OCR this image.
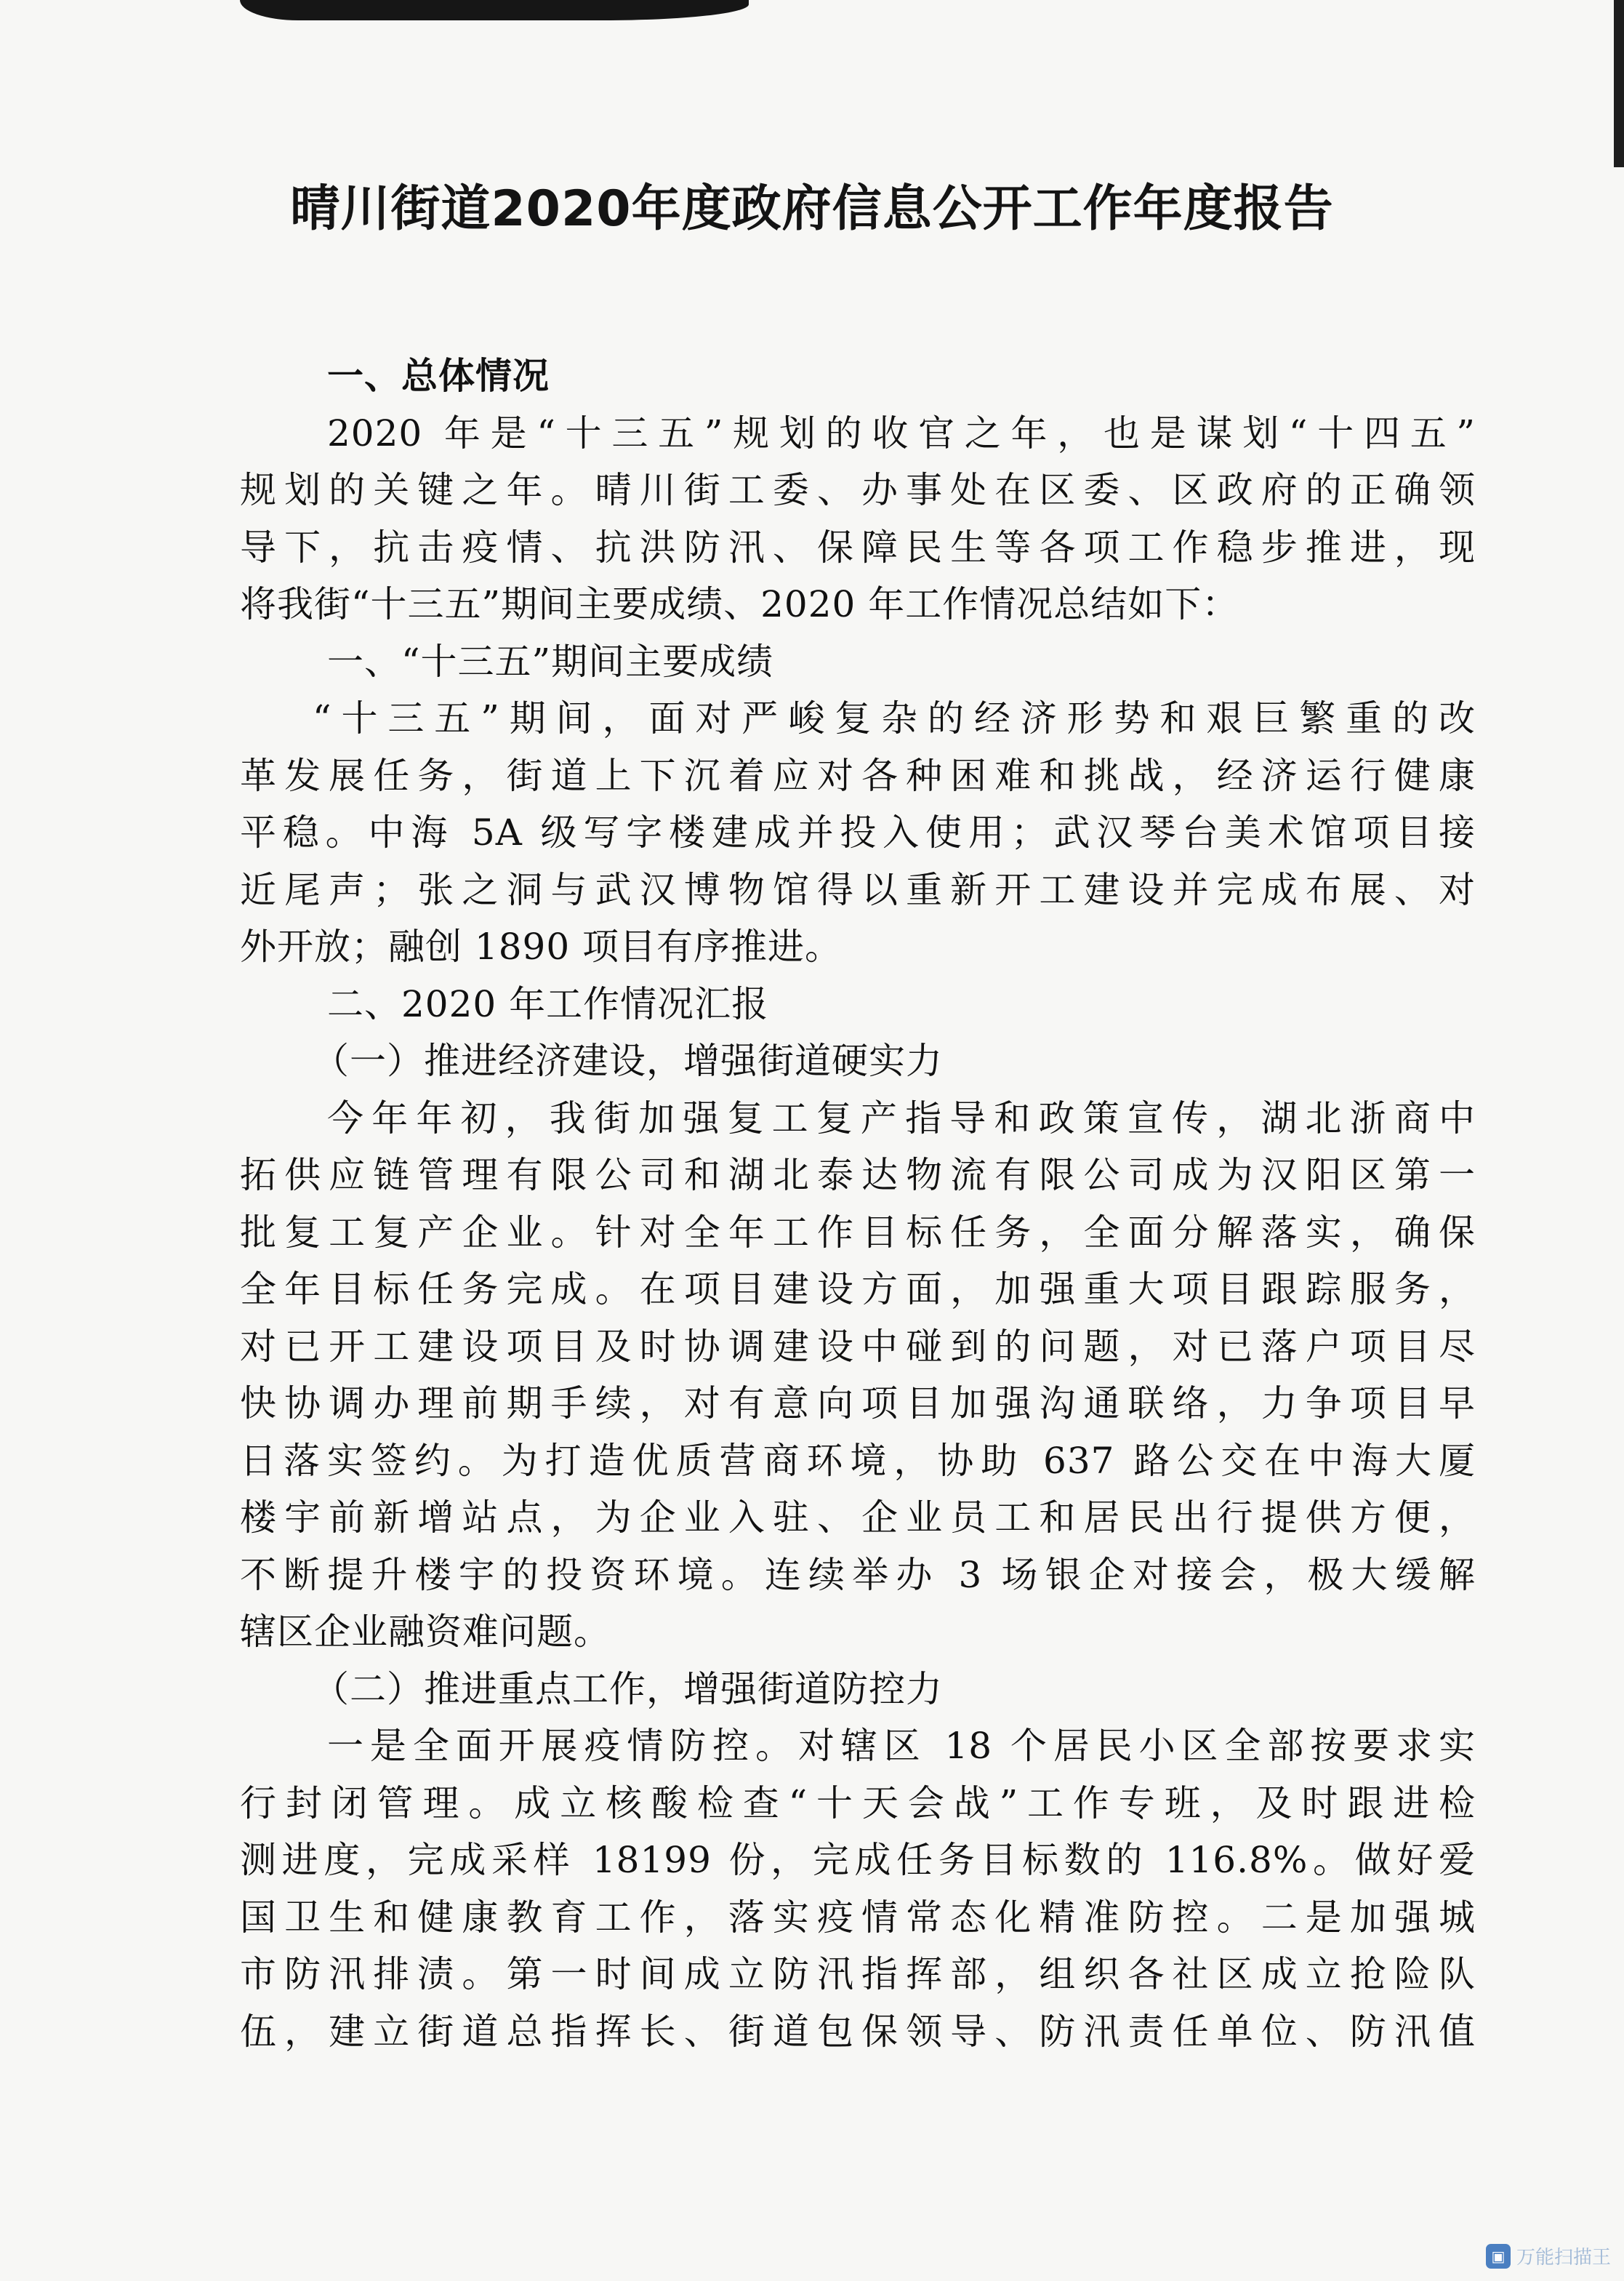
晴川街道2020年度政府信息公开工作年度报告
一、总体情况
2020 年是“十三五”规划的收官之年，也是谋划“十四五”
规划的关键之年。晴川街工委、办事处在区委、区政府的正确领
导下，抗击疫情、抗洪防汛、保障民生等各项工作稳步推进，现
将我街“十三五”期间主要成绩、2020 年工作情况总结如下：
一、“十三五”期间主要成绩
“十三五”期间，面对严峻复杂的经济形势和艰巨繁重的改
革发展任务，街道上下沉着应对各种困难和挑战，经济运行健康
平稳。中海 5A 级写字楼建成并投入使用；武汉琴台美术馆项目接
近尾声；张之洞与武汉博物馆得以重新开工建设并完成布展、对
外开放；融创 1890 项目有序推进。
二、2020 年工作情况汇报
（一）推进经济建设，增强街道硬实力
今年年初，我街加强复工复产指导和政策宣传，湖北浙商中
拓供应链管理有限公司和湖北泰达物流有限公司成为汉阳区第一
批复工复产企业。针对全年工作目标任务，全面分解落实，确保
全年目标任务完成。在项目建设方面，加强重大项目跟踪服务，
对已开工建设项目及时协调建设中碰到的问题，对已落户项目尽
快协调办理前期手续，对有意向项目加强沟通联络，力争项目早
日落实签约。为打造优质营商环境，协助 637 路公交在中海大厦
楼宇前新增站点，为企业入驻、企业员工和居民出行提供方便，
不断提升楼宇的投资环境。连续举办 3 场银企对接会，极大缓解
辖区企业融资难问题。
（二）推进重点工作，增强街道防控力
一是全面开展疫情防控。对辖区 18 个居民小区全部按要求实
行封闭管理。成立核酸检查“十天会战”工作专班，及时跟进检
测进度，完成采样 18199 份，完成任务目标数的 116.8%。做好爱
国卫生和健康教育工作，落实疫情常态化精准防控。二是加强城
市防汛排渍。第一时间成立防汛指挥部，组织各社区成立抢险队
伍，建立街道总指挥长、街道包保领导、防汛责任单位、防汛值
▣ 万能扫描王
